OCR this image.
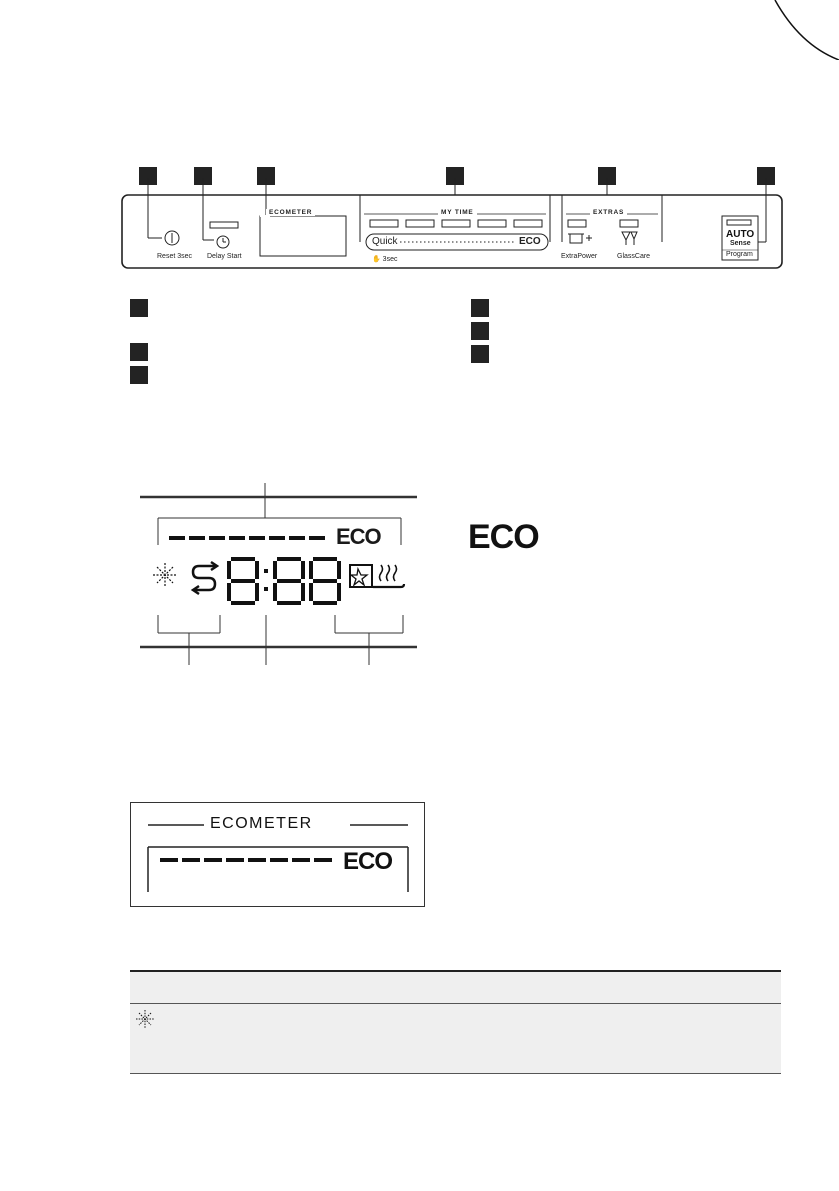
Reset 3sec Delay Start
ECOMETER	MY TIME
Quick	ECO
✋ 3sec
EXTRAS
ExtraPower	GlassCare
AUTO
Sense
Program
ECO	ECO
ECOMETER
ECO
